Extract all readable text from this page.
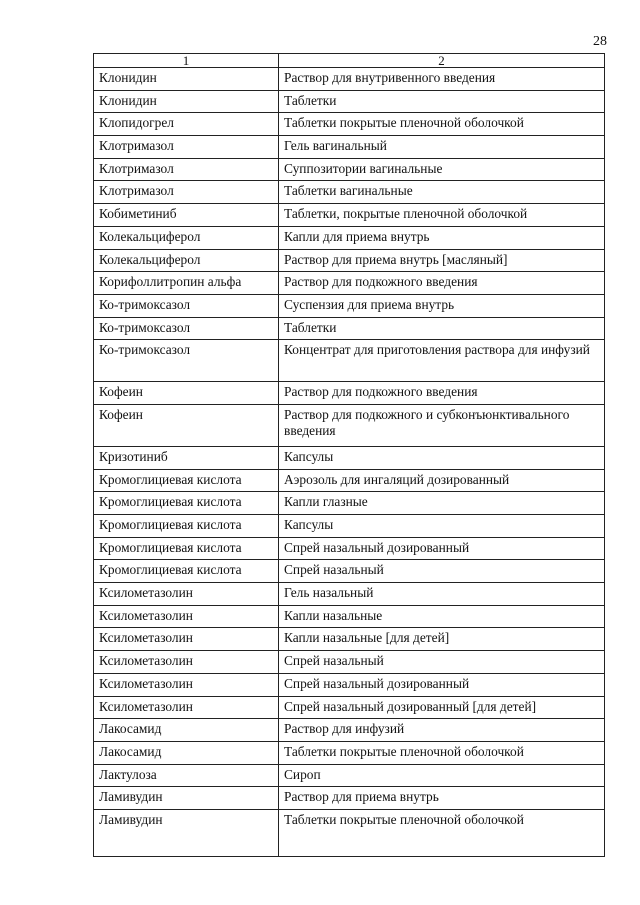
28
1	2
Клонидин	Раствор для внутривенного введения
Клонидин	Таблетки
Клопидогрел	Таблетки покрытые пленочной оболочкой
Клотримазол	Гель вагинальный
Клотримазол	Суппозитории вагинальные
Клотримазол	Таблетки вагинальные
Кобиметиниб	Таблетки, покрытые пленочной оболочкой
Колекальциферол	Капли для приема внутрь
Колекальциферол	Раствор для приема внутрь [масляный]
Корифоллитропин альфа	Раствор для подкожного введения
Ко-тримоксазол	Суспензия для приема внутрь
Ко-тримоксазол	Таблетки
Ко-тримоксазол	Концентрат для приготовления раствора для инфузий
Кофеин	Раствор для подкожного введения
Кофеин	Раствор для подкожного и субконъюнктивального введения
Кризотиниб	Капсулы
Кромоглициевая кислота	Аэрозоль для ингаляций дозированный
Кромоглициевая кислота	Капли глазные
Кромоглициевая кислота	Капсулы
Кромоглициевая кислота	Спрей назальный дозированный
Кромоглициевая кислота	Спрей назальный
Ксилометазолин	Гель назальный
Ксилометазолин	Капли назальные
Ксилометазолин	Капли назальные [для детей]
Ксилометазолин	Спрей назальный
Ксилометазолин	Спрей назальный дозированный
Ксилометазолин	Спрей назальный дозированный [для детей]
Лакосамид	Раствор для инфузий
Лакосамид	Таблетки покрытые пленочной оболочкой
Лактулоза	Сироп
Ламивудин	Раствор для приема внутрь
Ламивудин	Таблетки покрытые пленочной оболочкой
